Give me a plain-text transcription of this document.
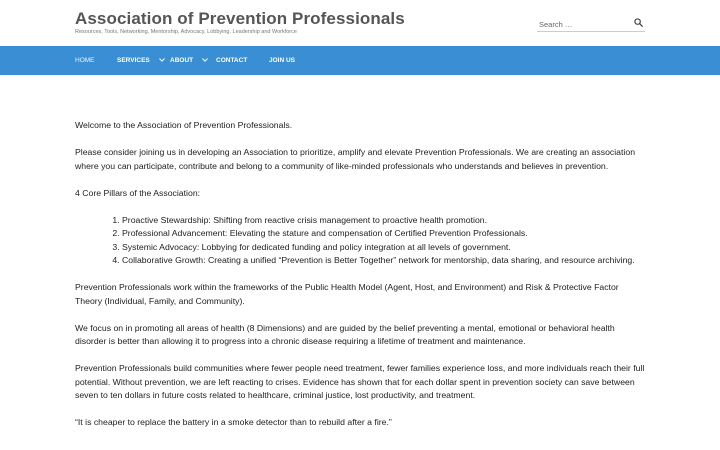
Association of Prevention Professionals
Resources, Tools, Networking, Mentorship, Advocacy, Lobbying, Leadership and Workforce
Search …
HOME	SERVICES	ABOUT	CONTACT	JOIN US

Welcome to the Association of Prevention Professionals.

Please consider joining us in developing an Association to prioritize, amplify and elevate Prevention Professionals. We are creating an association where you can participate, contribute and belong to a community of like-minded professionals who understands and believes in prevention.

4 Core Pillars of the Association:

1. Proactive Stewardship: Shifting from reactive crisis management to proactive health promotion.
2. Professional Advancement: Elevating the stature and compensation of Certified Prevention Professionals.
3. Systemic Advocacy: Lobbying for dedicated funding and policy integration at all levels of government.
4. Collaborative Growth: Creating a unified “Prevention is Better Together” network for mentorship, data sharing, and resource archiving.

Prevention Professionals work within the frameworks of the Public Health Model (Agent, Host, and Environment) and Risk & Protective Factor Theory (Individual, Family, and Community).

We focus on in promoting all areas of health (8 Dimensions) and are guided by the belief preventing a mental, emotional or behavioral health disorder is better than allowing it to progress into a chronic disease requiring a lifetime of treatment and maintenance.

Prevention Professionals build communities where fewer people need treatment, fewer families experience loss, and more individuals reach their full potential. Without prevention, we are left reacting to crises. Evidence has shown that for each dollar spent in prevention society can save between seven to ten dollars in future costs related to healthcare, criminal justice, lost productivity, and treatment.

“It is cheaper to replace the battery in a smoke detector than to rebuild after a fire.”
